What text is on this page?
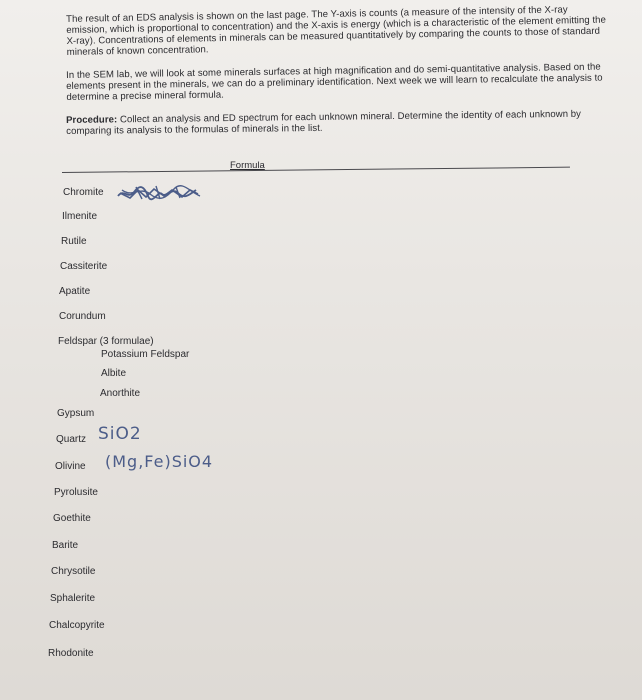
The result of an EDS analysis is shown on the last page. The Y-axis is counts (a measure of the intensity of the X-ray emission, which is proportional to concentration) and the X-axis is energy (which is a characteristic of the element emitting the X-ray). Concentrations of elements in minerals can be measured quantitatively by comparing the counts to those of standard minerals of known concentration.

In the SEM lab, we will look at some minerals surfaces at high magnification and do semi-quantitative analysis. Based on the elements present in the minerals, we can do a preliminary identification. Next week we will learn to recalculate the analysis to determine a precise mineral formula.

Procedure: Collect an analysis and ED spectrum for each unknown mineral. Determine the identity of each unknown by comparing its analysis to the formulas of minerals in the list.

Formula
Chromite
Ilmenite
Rutile
Cassiterite
Apatite
Corundum
Feldspar (3 formulae)
Potassium Feldspar
Albite
Anorthite
Gypsum
Quartz SiO2
Olivine (Mg,Fe)SiO4
Pyrolusite
Goethite
Barite
Chrysotile
Sphalerite
Chalcopyrite
Rhodonite
